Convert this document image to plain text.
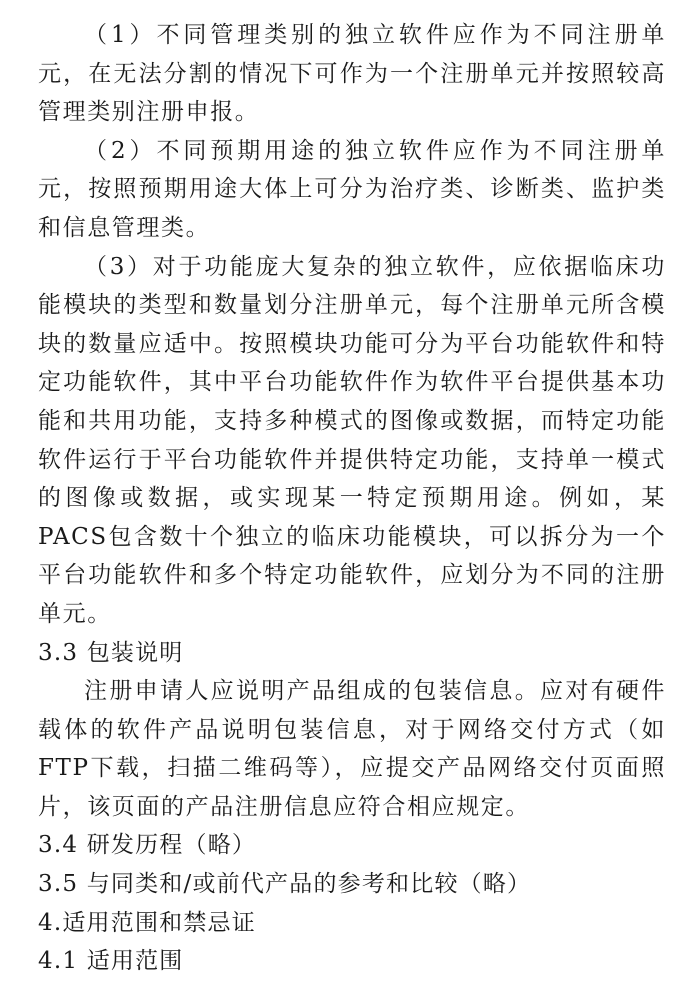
（1）不同管理类别的独立软件应作为不同注册单元，在无法分割的情况下可作为一个注册单元并按照较高管理类别注册申报。

（2）不同预期用途的独立软件应作为不同注册单元，按照预期用途大体上可分为治疗类、诊断类、监护类和信息管理类。

（3）对于功能庞大复杂的独立软件，应依据临床功能模块的类型和数量划分注册单元，每个注册单元所含模块的数量应适中。按照模块功能可分为平台功能软件和特定功能软件，其中平台功能软件作为软件平台提供基本功能和共用功能，支持多种模式的图像或数据，而特定功能软件运行于平台功能软件并提供特定功能，支持单一模式的图像或数据，或实现某一特定预期用途。例如，某PACS包含数十个独立的临床功能模块，可以拆分为一个平台功能软件和多个特定功能软件，应划分为不同的注册单元。

3.3 包装说明

注册申请人应说明产品组成的包装信息。应对有硬件载体的软件产品说明包装信息，对于网络交付方式（如FTP下载，扫描二维码等），应提交产品网络交付页面照片，该页面的产品注册信息应符合相应规定。

3.4 研发历程（略）

3.5 与同类和/或前代产品的参考和比较（略）

4.适用范围和禁忌证

4.1 适用范围
